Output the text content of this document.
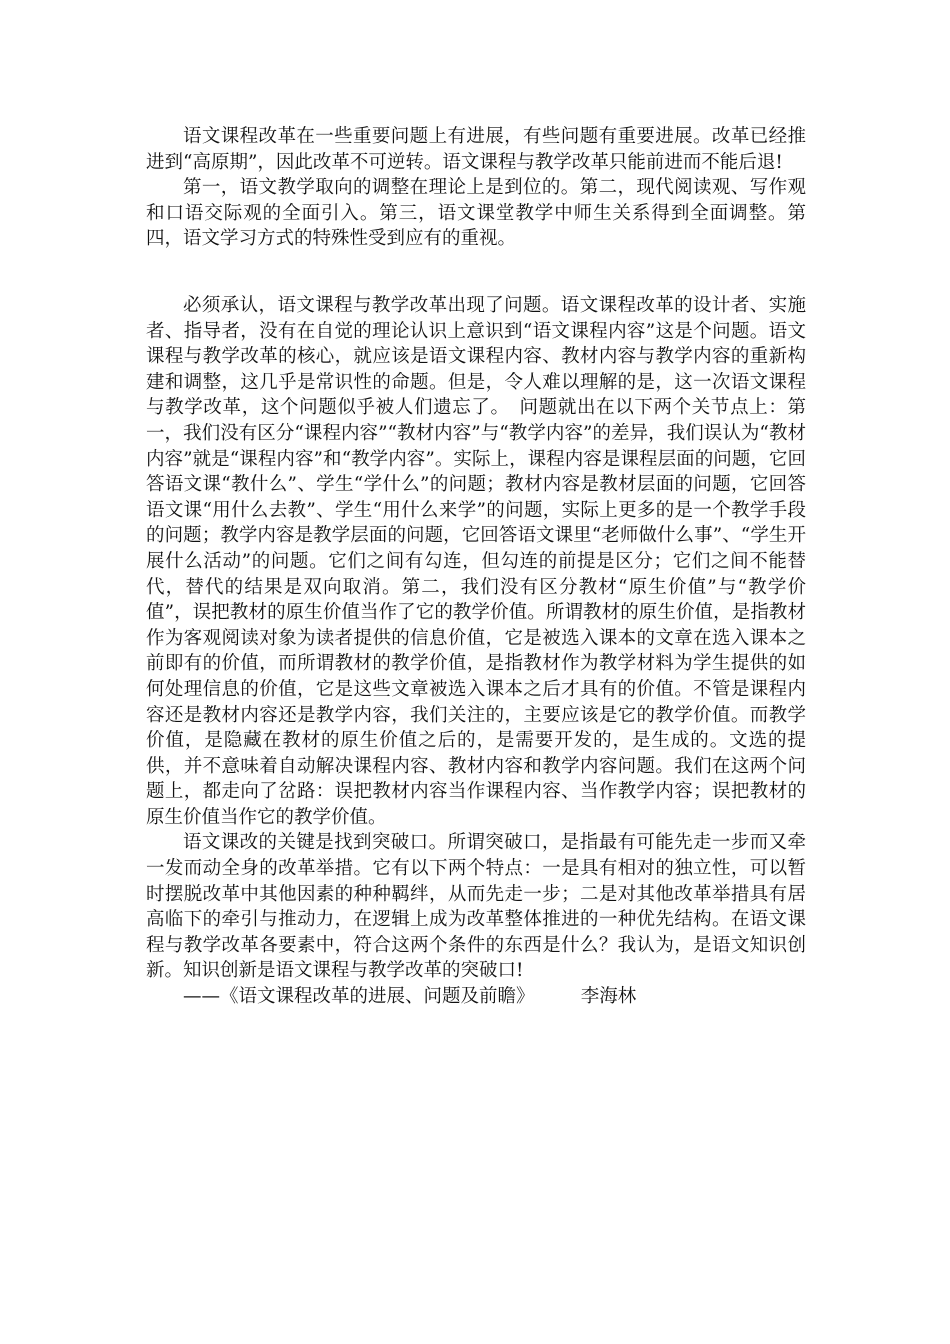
语文课程改革在一些重要问题上有进展，有些问题有重要进展。改革已经推进到“高原期”，因此改革不可逆转。语文课程与教学改革只能前进而不能后退!

第一，语文教学取向的调整在理论上是到位的。第二，现代阅读观、写作观和口语交际观的全面引入。第三，语文课堂教学中师生关系得到全面调整。第四，语文学习方式的特殊性受到应有的重视。

必须承认，语文课程与教学改革出现了问题。语文课程改革的设计者、实施者、指导者，没有在自觉的理论认识上意识到“语文课程内容”这是个问题。语文课程与教学改革的核心，就应该是语文课程内容、教材内容与教学内容的重新构建和调整，这几乎是常识性的命题。但是，令人难以理解的是，这一次语文课程与教学改革，这个问题似乎被人们遗忘了。　问题就出在以下两个关节点上：第一，我们没有区分“课程内容”“教材内容”与“教学内容”的差异，我们误认为“教材内容”就是“课程内容”和“教学内容”。实际上，课程内容是课程层面的问题，它回答语文课“教什么”、学生“学什么”的问题；教材内容是教材层面的问题，它回答语文课“用什么去教”、学生“用什么来学”的问题，实际上更多的是一个教学手段的问题；教学内容是教学层面的问题，它回答语文课里“老师做什么事”、“学生开展什么活动”的问题。它们之间有勾连，但勾连的前提是区分；它们之间不能替代，替代的结果是双向取消。第二，我们没有区分教材“原生价值”与“教学价值”，误把教材的原生价值当作了它的教学价值。所谓教材的原生价值，是指教材作为客观阅读对象为读者提供的信息价值，它是被选入课本的文章在选入课本之前即有的价值，而所谓教材的教学价值，是指教材作为教学材料为学生提供的如何处理信息的价值，它是这些文章被选入课本之后才具有的价值。不管是课程内容还是教材内容还是教学内容，我们关注的，主要应该是它的教学价值。而教学价值，是隐藏在教材的原生价值之后的，是需要开发的，是生成的。文选的提供，并不意味着自动解决课程内容、教材内容和教学内容问题。我们在这两个问题上，都走向了岔路：误把教材内容当作课程内容、当作教学内容；误把教材的原生价值当作它的教学价值。

语文课改的关键是找到突破口。所谓突破口，是指最有可能先走一步而又牵一发而动全身的改革举措。它有以下两个特点：一是具有相对的独立性，可以暂时摆脱改革中其他因素的种种羁绊，从而先走一步；二是对其他改革举措具有居高临下的牵引与推动力，在逻辑上成为改革整体推进的一种优先结构。在语文课程与教学改革各要素中，符合这两个条件的东西是什么？我认为，是语文知识创新。知识创新是语文课程与教学改革的突破口!

——《语文课程改革的进展、问题及前瞻》　　　李海林
